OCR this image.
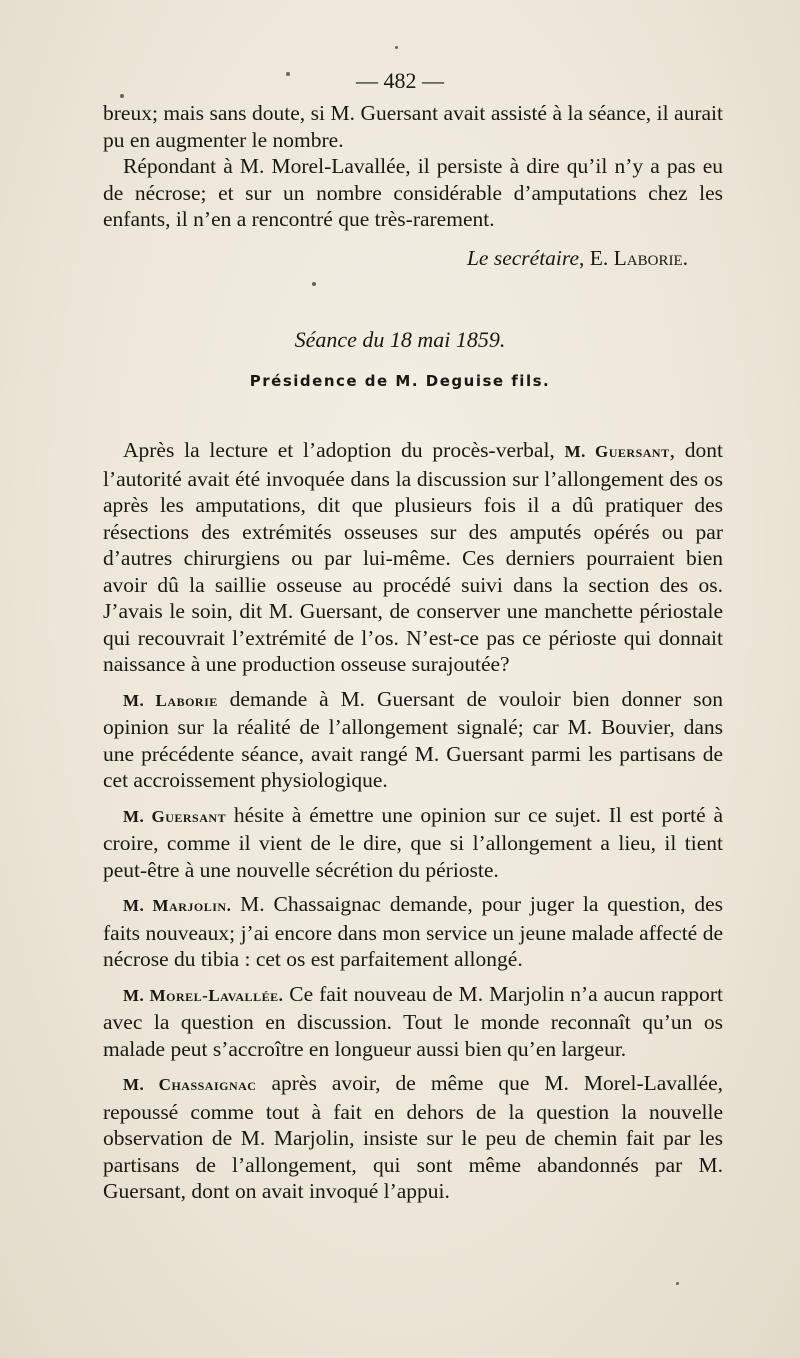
— 482 —

breux; mais sans doute, si M. Guersant avait assisté à la séance, il aurait pu en augmenter le nombre.

Répondant à M. Morel-Lavallée, il persiste à dire qu’il n’y a pas eu de nécrose; et sur un nombre considérable d’amputations chez les enfants, il n’en a rencontré que très-rarement.

Le secrétaire, E. Laborie.
Séance du 18 mai 1859.
Présidence de M. Deguise fils.

Après la lecture et l’adoption du procès-verbal, M. Guersant, dont l’autorité avait été invoquée dans la discussion sur l’allongement des os après les amputations, dit que plusieurs fois il a dû pratiquer des résections des extrémités osseuses sur des amputés opérés ou par d’autres chirurgiens ou par lui-même. Ces derniers pourraient bien avoir dû la saillie osseuse au procédé suivi dans la section des os. J’avais le soin, dit M. Guersant, de conserver une manchette périostale qui recouvrait l’extrémité de l’os. N’est-ce pas ce périoste qui donnait naissance à une production osseuse surajoutée?

M. Laborie demande à M. Guersant de vouloir bien donner son opinion sur la réalité de l’allongement signalé; car M. Bouvier, dans une précédente séance, avait rangé M. Guersant parmi les partisans de cet accroissement physiologique.

M. Guersant hésite à émettre une opinion sur ce sujet. Il est porté à croire, comme il vient de le dire, que si l’allongement a lieu, il tient peut-être à une nouvelle sécrétion du périoste.

M. Marjolin. M. Chassaignac demande, pour juger la question, des faits nouveaux; j’ai encore dans mon service un jeune malade affecté de nécrose du tibia : cet os est parfaitement allongé.

M. Morel-Lavallée. Ce fait nouveau de M. Marjolin n’a aucun rapport avec la question en discussion. Tout le monde reconnaît qu’un os malade peut s’accroître en longueur aussi bien qu’en largeur.

M. Chassaignac après avoir, de même que M. Morel-Lavallée, repoussé comme tout à fait en dehors de la question la nouvelle observation de M. Marjolin, insiste sur le peu de chemin fait par les partisans de l’allongement, qui sont même abandonnés par M. Guersant, dont on avait invoqué l’appui.
